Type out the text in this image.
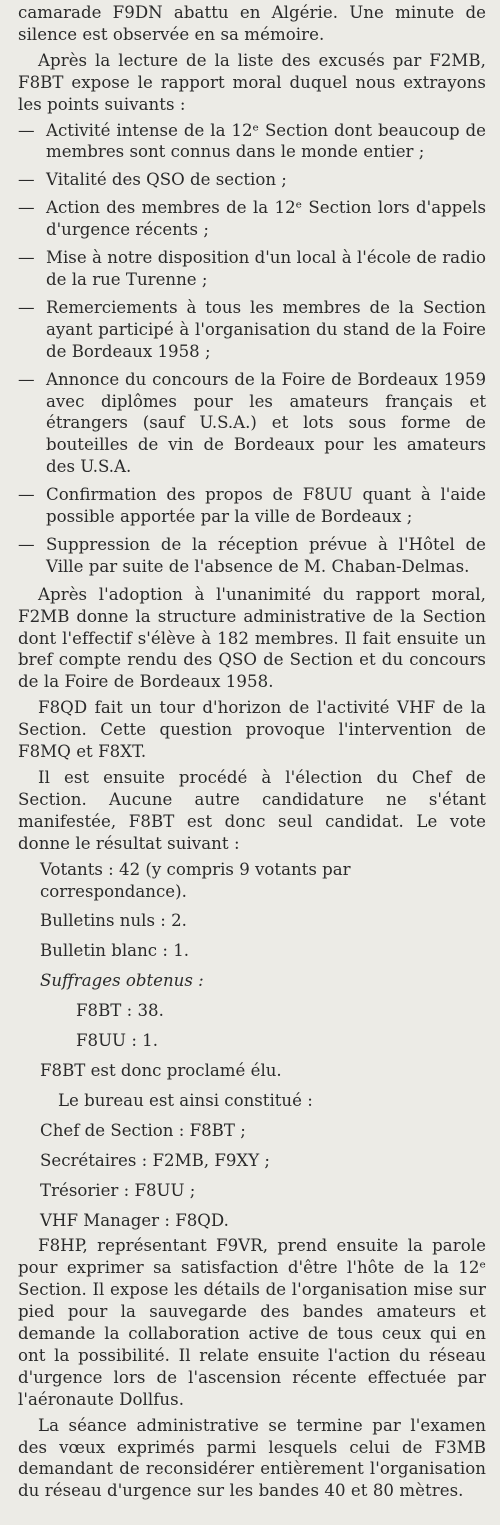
camarade F9DN abattu en Algérie. Une minute de silence est observée en sa mémoire.

Après la lecture de la liste des excusés par F2MB, F8BT expose le rapport moral duquel nous extrayons les points suivants :

— Activité intense de la 12ᵉ Section dont beaucoup de membres sont connus dans le monde entier ;
— Vitalité des QSO de section ;
— Action des membres de la 12ᵉ Section lors d'appels d'urgence récents ;
— Mise à notre disposition d'un local à l'école de radio de la rue Turenne ;
— Remerciements à tous les membres de la Section ayant participé à l'organisation du stand de la Foire de Bordeaux 1958 ;
— Annonce du concours de la Foire de Bordeaux 1959 avec diplômes pour les amateurs français et étrangers (sauf U.S.A.) et lots sous forme de bouteilles de vin de Bordeaux pour les amateurs des U.S.A.
— Confirmation des propos de F8UU quant à l'aide possible apportée par la ville de Bordeaux ;
— Suppression de la réception prévue à l'Hôtel de Ville par suite de l'absence de M. Chaban-Delmas.

Après l'adoption à l'unanimité du rapport moral, F2MB donne la structure administrative de la Section dont l'effectif s'élève à 182 membres. Il fait ensuite un bref compte rendu des QSO de Section et du concours de la Foire de Bordeaux 1958.

F8QD fait un tour d'horizon de l'activité VHF de la Section. Cette question provoque l'intervention de F8MQ et F8XT.

Il est ensuite procédé à l'élection du Chef de Section. Aucune autre candidature ne s'étant manifestée, F8BT est donc seul candidat. Le vote donne le résultat suivant :

Votants : 42 (y compris 9 votants par correspondance).
Bulletins nuls : 2.
Bulletin blanc : 1.
Suffrages obtenus :
F8BT : 38.
F8UU : 1.
F8BT est donc proclamé élu.
Le bureau est ainsi constitué :
Chef de Section : F8BT ;
Secrétaires : F2MB, F9XY ;
Trésorier : F8UU ;
VHF Manager : F8QD.

F8HP, représentant F9VR, prend ensuite la parole pour exprimer sa satisfaction d'être l'hôte de la 12ᵉ Section. Il expose les détails de l'organisation mise sur pied pour la sauvegarde des bandes amateurs et demande la collaboration active de tous ceux qui en ont la possibilité. Il relate ensuite l'action du réseau d'urgence lors de l'ascension récente effectuée par l'aéronaute Dollfus.

La séance administrative se termine par l'examen des vœux exprimés parmi lesquels celui de F3MB demandant de reconsidérer entièrement l'organisation du réseau d'urgence sur les bandes 40 et 80 mètres.
